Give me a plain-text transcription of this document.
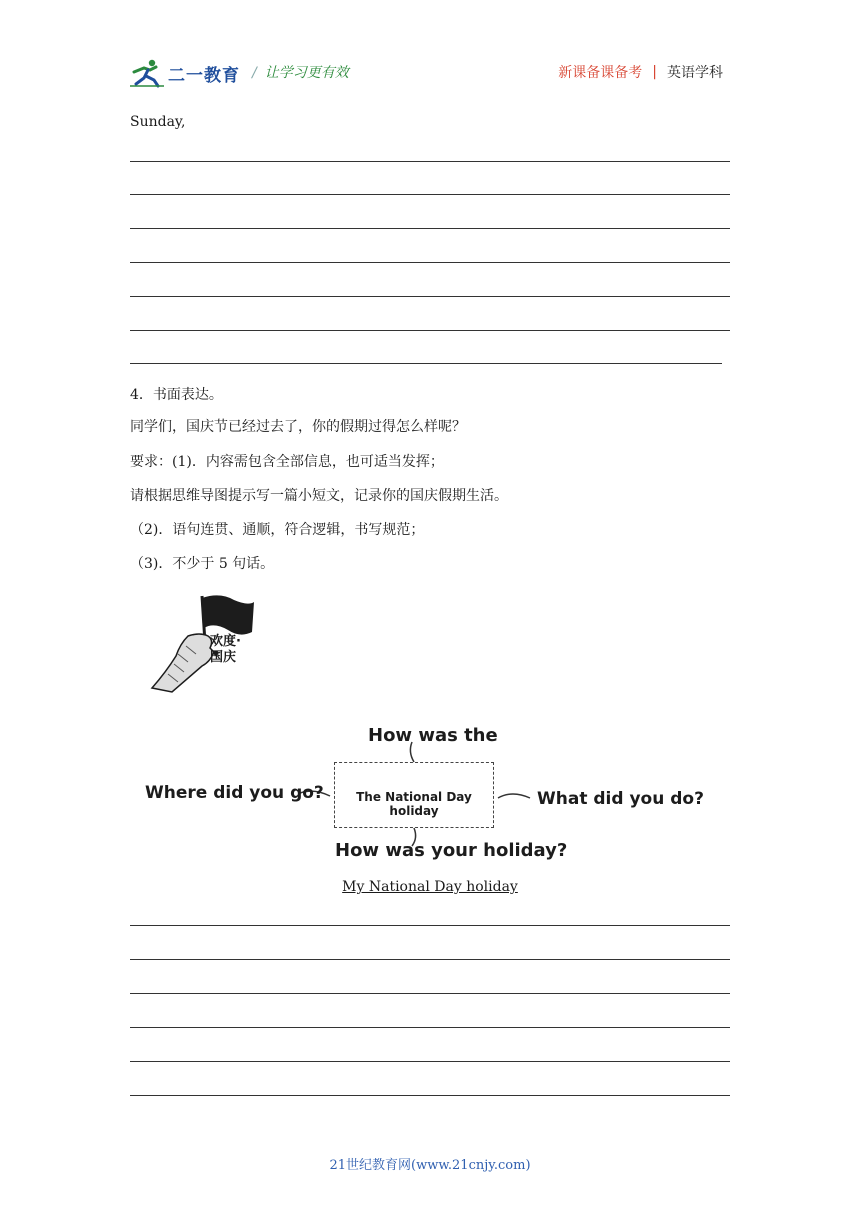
二一教育 / 让学习更有效	新课备课备考 | 英语学科
Sunday,
4．书面表达。
同学们，国庆节已经过去了，你的假期过得怎么样呢？
要求：(1)．内容需包含全部信息，也可适当发挥；
请根据思维导图提示写一篇小短文，记录你的国庆假期生活。
（2)．语句连贯、通顺，符合逻辑，书写规范；
（3)．不少于 5 句话。
欢度·国庆
The National Day holiday
How was the
Where did you go?	What did you do?
How was your holiday?
My National Day holiday
21世纪教育网(www.21cnjy.com)
